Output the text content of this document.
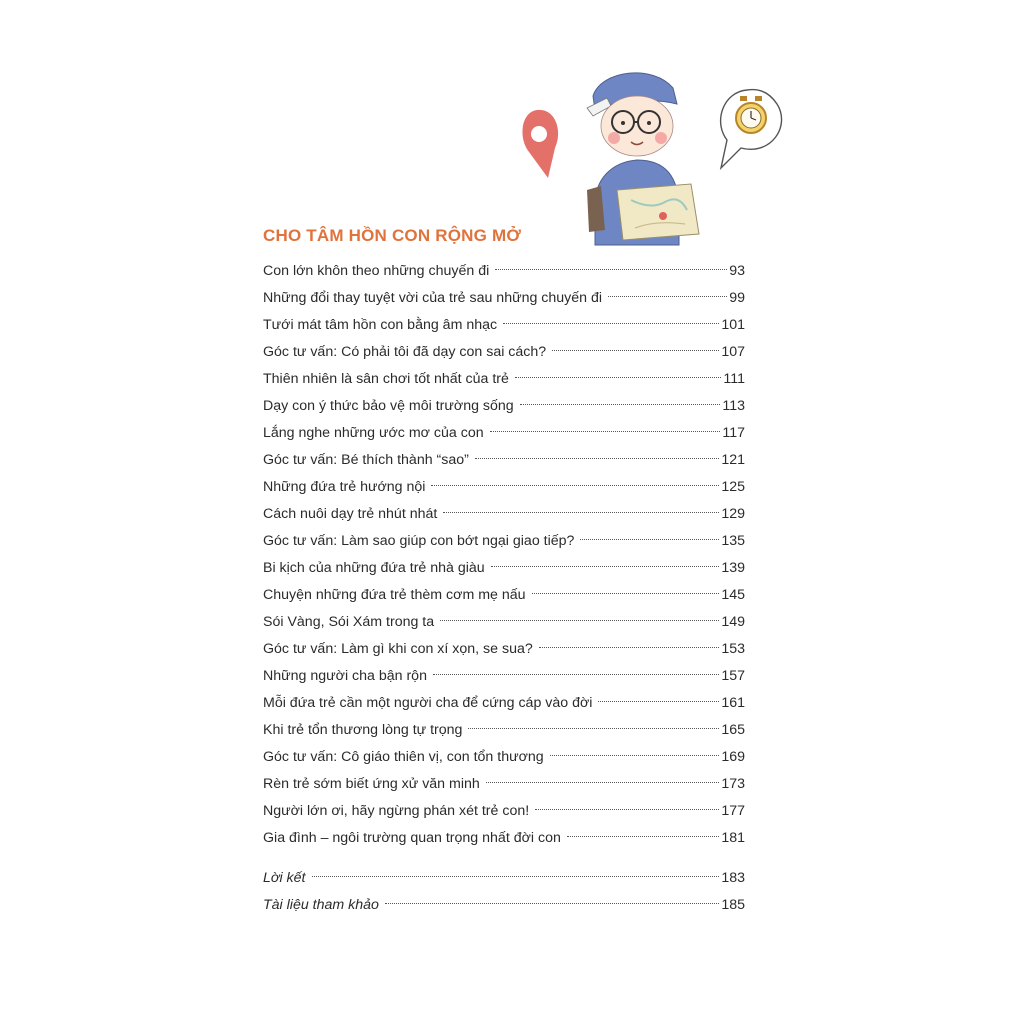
CHO TÂM HỒN CON RỘNG MỞ
Con lớn khôn theo những chuyến đi	93
Những đổi thay tuyệt vời của trẻ sau những chuyến đi	99
Tưới mát tâm hồn con bằng âm nhạc	101
Góc tư vấn: Có phải tôi đã dạy con sai cách?	107
Thiên nhiên là sân chơi tốt nhất của trẻ	111
Dạy con ý thức bảo vệ môi trường sống	113
Lắng nghe những ước mơ của con	117
Góc tư vấn: Bé thích thành “sao”	121
Những đứa trẻ hướng nội	125
Cách nuôi dạy trẻ nhút nhát	129
Góc tư vấn: Làm sao giúp con bớt ngại giao tiếp?	135
Bi kịch của những đứa trẻ nhà giàu	139
Chuyện những đứa trẻ thèm cơm mẹ nấu	145
Sói Vàng, Sói Xám trong ta	149
Góc tư vấn: Làm gì khi con xí xọn, se sua?	153
Những người cha bận rộn	157
Mỗi đứa trẻ cần một người cha để cứng cáp vào đời	161
Khi trẻ tổn thương lòng tự trọng	165
Góc tư vấn: Cô giáo thiên vị, con tổn thương	169
Rèn trẻ sớm biết ứng xử văn minh	173
Người lớn ơi, hãy ngừng phán xét trẻ con!	177
Gia đình – ngôi trường quan trọng nhất đời con	181
Lời kết	183
Tài liệu tham khảo	185
